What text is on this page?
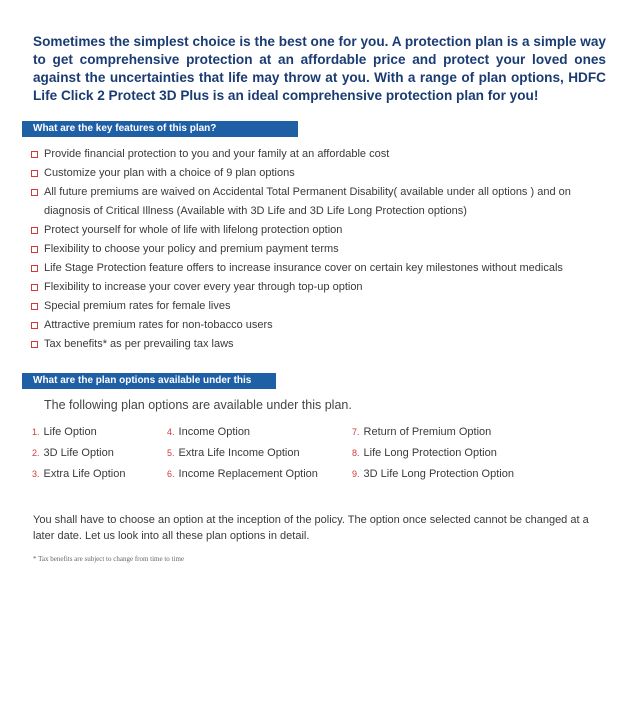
Sometimes the simplest choice is the best one for you. A protection plan is a simple way to get comprehensive protection at an affordable price and protect your loved ones against the uncertainties that life may throw at you. With a range of plan options, HDFC Life Click 2 Protect 3D Plus is an ideal comprehensive protection plan for you!

What are the key features of this plan?
Provide financial protection to you and your family at an affordable cost
Customize your plan with a choice of 9 plan options
All future premiums are waived on Accidental Total Permanent Disability( available under all options ) and on
diagnosis of Critical Illness (Available with 3D Life and 3D Life Long Protection options)
Protect yourself for whole of life with lifelong protection option
Flexibility to choose your policy and premium payment terms
Life Stage Protection feature offers to increase insurance cover on certain key milestones without medicals
Flexibility to increase your cover every year through top-up option
Special premium rates for female lives
Attractive premium rates for non-tobacco users
Tax benefits* as per prevailing tax laws
What are the plan options available under this plan?

The following plan options are available under this plan.

1. Life Option
2. 3D Life Option
3. Extra Life Option
4. Income Option
5. Extra Life Income Option
6. Income Replacement Option
7. Return of Premium Option
8. Life Long Protection Option
9. 3D Life Long Protection Option

You shall have to choose an option at the inception of the policy. The option once selected cannot be changed at a later date. Let us look into all these plan options in detail.

* Tax benefits are subject to change from time to time
